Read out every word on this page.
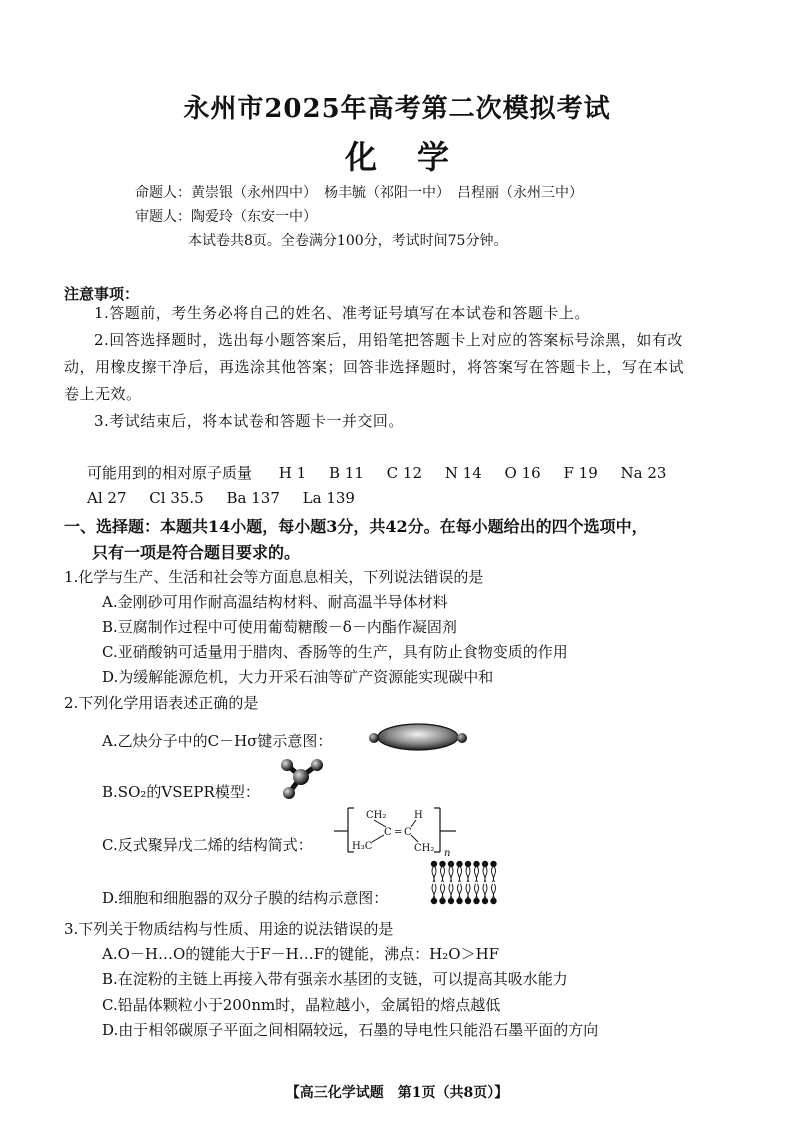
永州市2025年高考第二次模拟考试
化学
命题人：黄崇银（永州四中）　杨丰毓（祁阳一中）　吕程丽（永州三中）
审题人：陶爱玲（东安一中）
本试卷共8页。全卷满分100分，考试时间75分钟。
注意事项：
1.答题前，考生务必将自己的姓名、准考证号填写在本试卷和答题卡上。
2.回答选择题时，选出每小题答案后，用铅笔把答题卡上对应的答案标号涂黑，如有改动，用橡皮擦干净后，再选涂其他答案；回答非选择题时，将答案写在答题卡上，写在本试卷上无效。
3.考试结束后，将本试卷和答题卡一并交回。
可能用到的相对原子质量 H 1 B 11 C 12 N 14 O 16 F 19 Na 23
Al 27 Cl 35.5 Ba 137 La 139
一、选择题：本题共14小题，每小题3分，共42分。在每小题给出的四个选项中，
只有一项是符合题目要求的。
1.化学与生产、生活和社会等方面息息相关，下列说法错误的是
A.金刚砂可用作耐高温结构材料、耐高温半导体材料
B.豆腐制作过程中可使用葡萄糖酸－δ－内酯作凝固剂
C.亚硝酸钠可适量用于腊肉、香肠等的生产，具有防止食物变质的作用
D.为缓解能源危机，大力开采石油等矿产资源能实现碳中和
2.下列化学用语表述正确的是
A.乙炔分子中的C－Hσ键示意图：
B.SO₂的VSEPR模型：
C.反式聚异戊二烯的结构简式：
CH₂	H
C = C
H₃C	CH₂ n
D.细胞和细胞器的双分子膜的结构示意图：
3.下列关于物质结构与性质、用途的说法错误的是
A.O－H…O的键能大于F－H…F的键能，沸点：H₂O＞HF
B.在淀粉的主链上再接入带有强亲水基团的支链，可以提高其吸水能力
C.铅晶体颗粒小于200nm时，晶粒越小，金属铅的熔点越低
D.由于相邻碳原子平面之间相隔较远，石墨的导电性只能沿石墨平面的方向
【高三化学试题　第1页（共8页）】
